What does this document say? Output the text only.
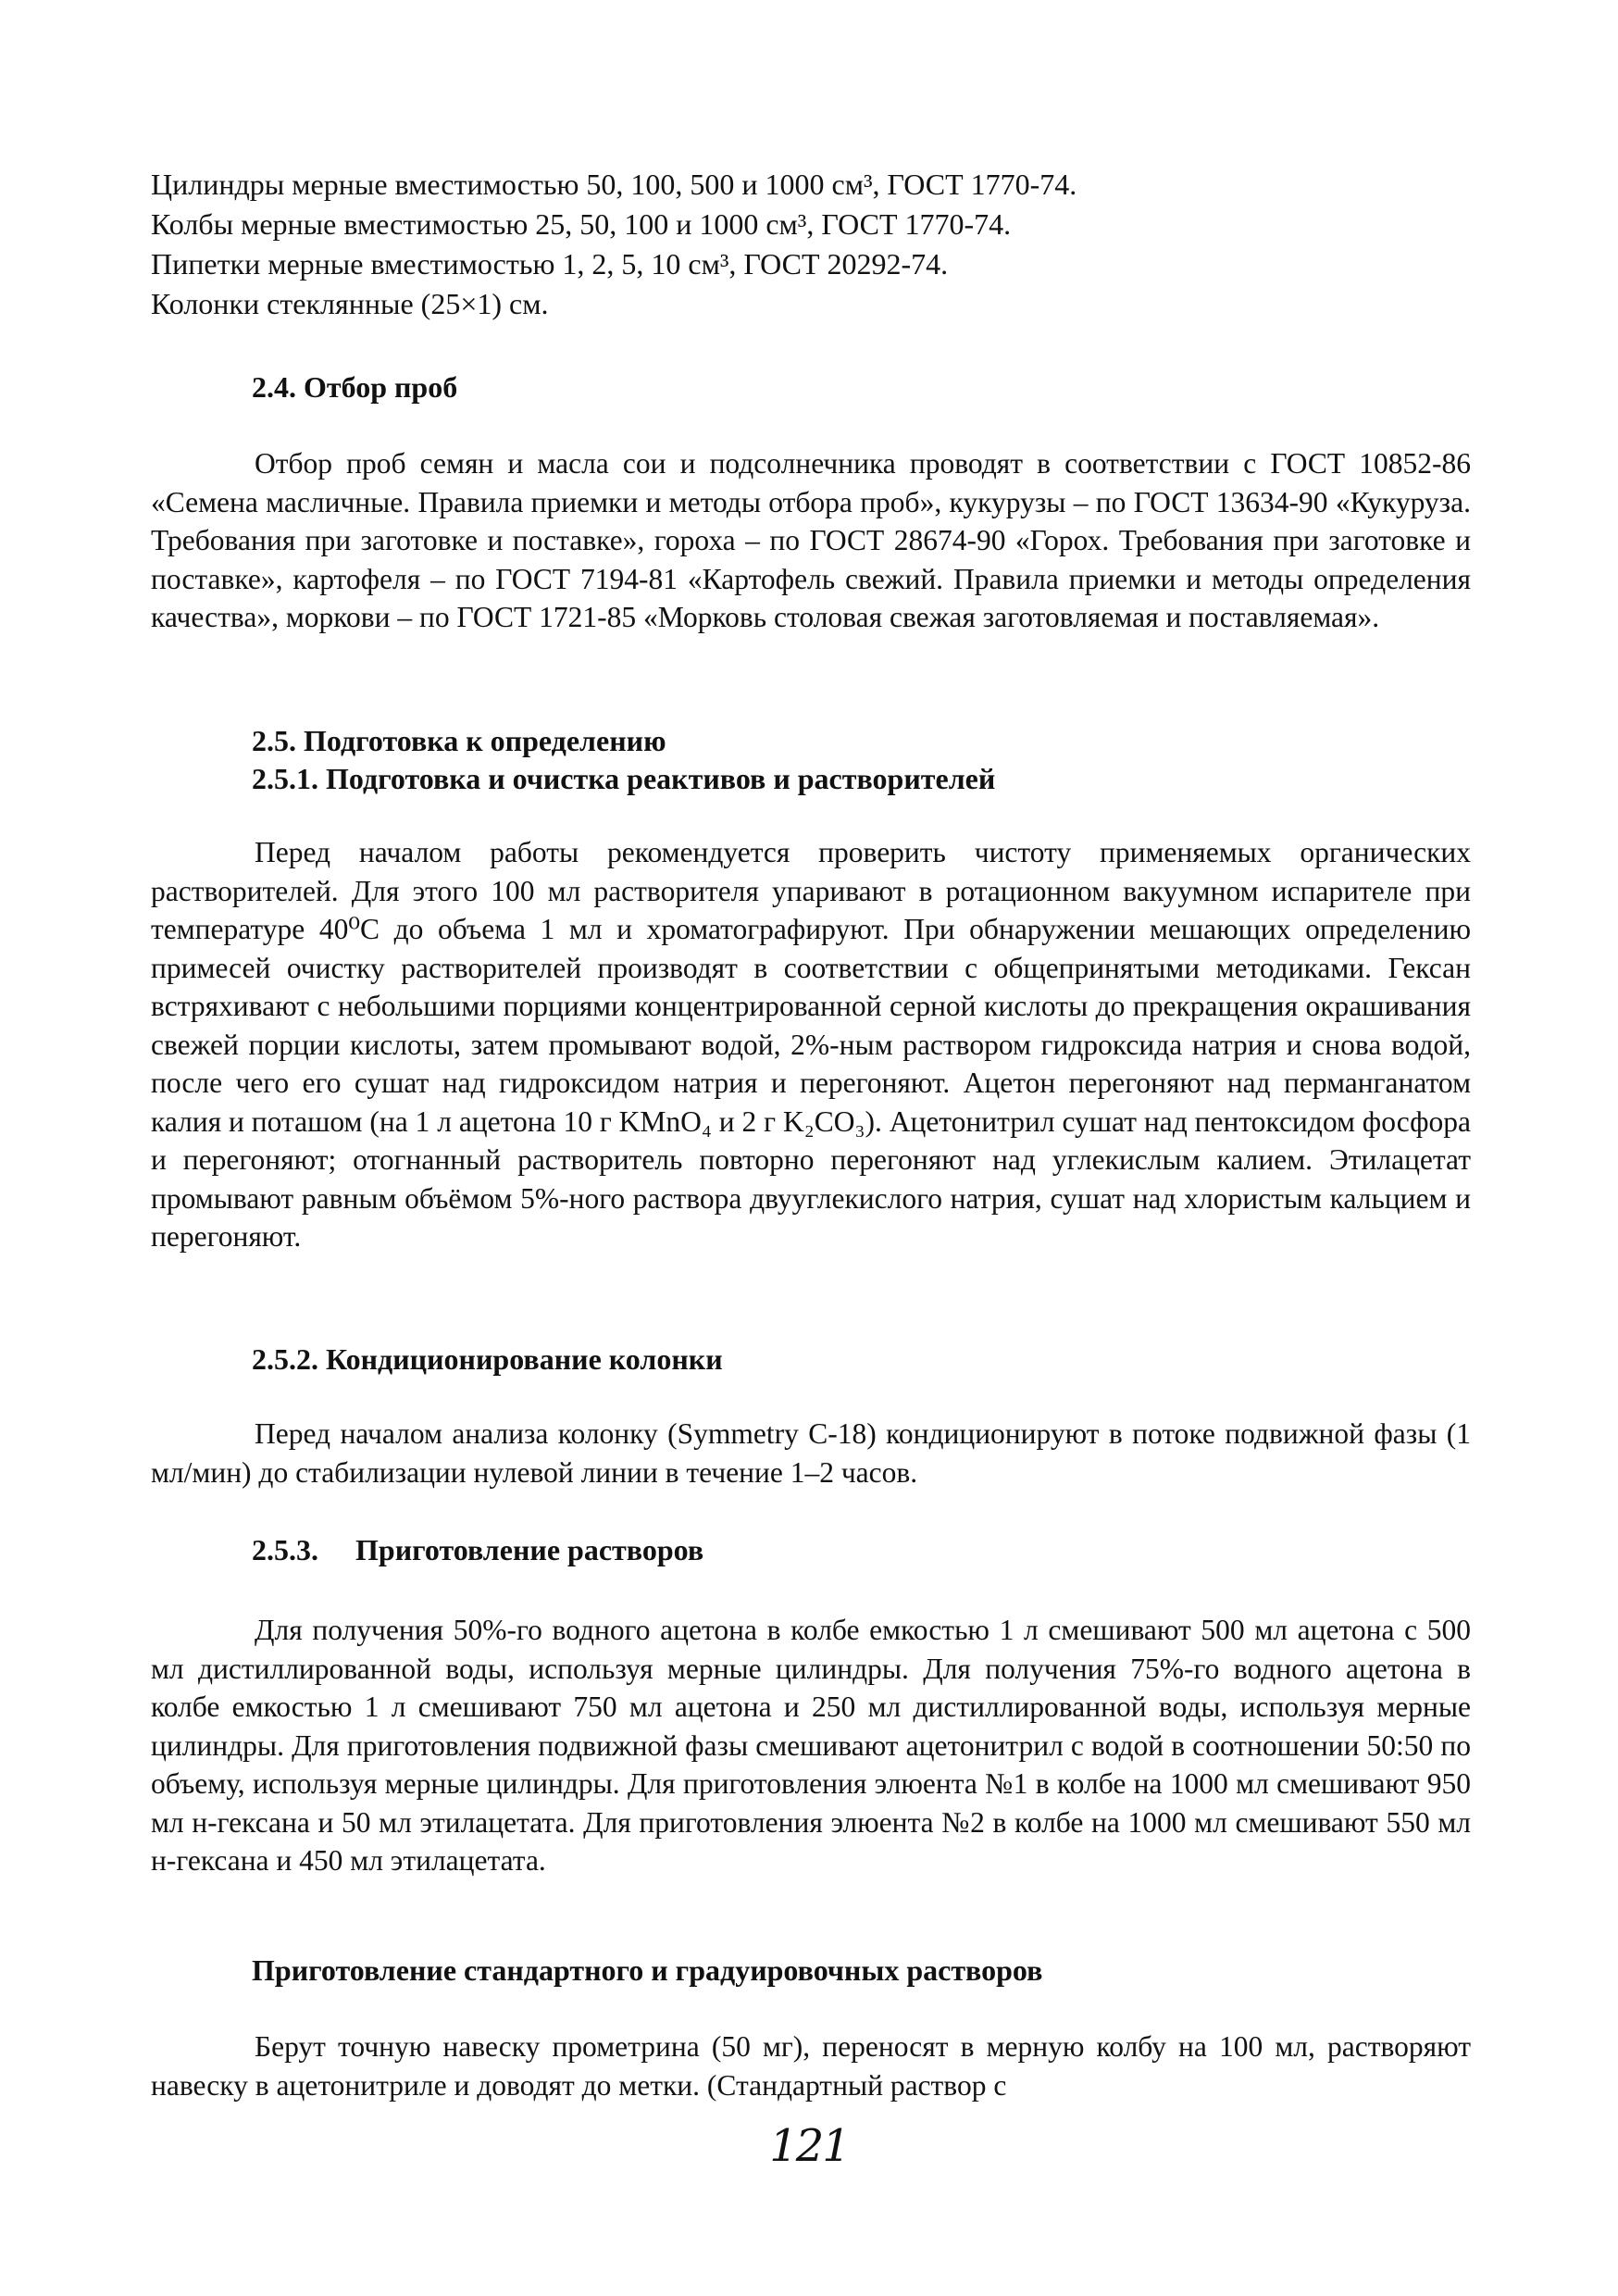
Цилиндры мерные вместимостью 50, 100, 500 и 1000 см³, ГОСТ 1770-74.
Колбы мерные вместимостью 25, 50, 100 и 1000 см³, ГОСТ 1770-74.
Пипетки мерные вместимостью 1, 2, 5, 10 см³, ГОСТ 20292-74.
Колонки стеклянные (25×1) см.
2.4. Отбор проб
Отбор проб семян и масла сои и подсолнечника проводят в соответствии с ГОСТ 10852-86 «Семена масличные. Правила приемки и методы отбора проб», кукурузы – по ГОСТ 13634-90 «Кукуруза. Требования при заготовке и поставке», гороха – по ГОСТ 28674-90 «Горох. Требования при заготовке и поставке», картофеля – по ГОСТ 7194-81 «Картофель свежий. Правила приемки и методы определения качества», моркови – по ГОСТ 1721-85 «Морковь столовая свежая заготовляемая и поставляемая».
2.5. Подготовка к определению
2.5.1. Подготовка и очистка реактивов и растворителей
Перед началом работы рекомендуется проверить чистоту применяемых органических растворителей. Для этого 100 мл растворителя упаривают в ротационном вакуумном испарителе при температуре 40⁰С до объема 1 мл и хроматографируют. При обнаружении мешающих определению примесей очистку растворителей производят в соответствии с общепринятыми методиками. Гексан встряхивают с небольшими порциями концентрированной серной кислоты до прекращения окрашивания свежей порции кислоты, затем промывают водой, 2%-ным раствором гидроксида натрия и снова водой, после чего его сушат над гидроксидом натрия и перегоняют. Ацетон перегоняют над перманганатом калия и поташом (на 1 л ацетона 10 г KMnO₄ и 2 г K₂CO₃). Ацетонитрил сушат над пентоксидом фосфора и перегоняют; отогнанный растворитель повторно перегоняют над углекислым калием. Этилацетат промывают равным объёмом 5%-ного раствора двууглекислого натрия, сушат над хлористым кальцием и перегоняют.
2.5.2. Кондиционирование колонки
Перед началом анализа колонку (Symmetry C-18) кондиционируют в потоке подвижной фазы (1 мл/мин) до стабилизации нулевой линии в течение 1–2 часов.
2.5.3.     Приготовление растворов
Для получения 50%-го водного ацетона в колбе емкостью 1 л смешивают 500 мл ацетона с 500 мл дистиллированной воды, используя мерные цилиндры. Для получения 75%-го водного ацетона в колбе емкостью 1 л смешивают 750 мл ацетона и 250 мл дистиллированной воды, используя мерные цилиндры. Для приготовления подвижной фазы смешивают ацетонитрил с водой в соотношении 50:50 по объему, используя мерные цилиндры. Для приготовления элюента №1 в колбе на 1000 мл смешивают 950 мл н-гексана и 50 мл этилацетата. Для приготовления элюента №2 в колбе на 1000 мл смешивают 550 мл н-гексана и 450 мл этилацетата.
Приготовление стандартного и градуировочных растворов
Берут точную навеску прометрина (50 мг), переносят в мерную колбу на 100 мл, растворяют навеску в ацетонитриле и доводят до метки. (Стандартный раствор с
121
